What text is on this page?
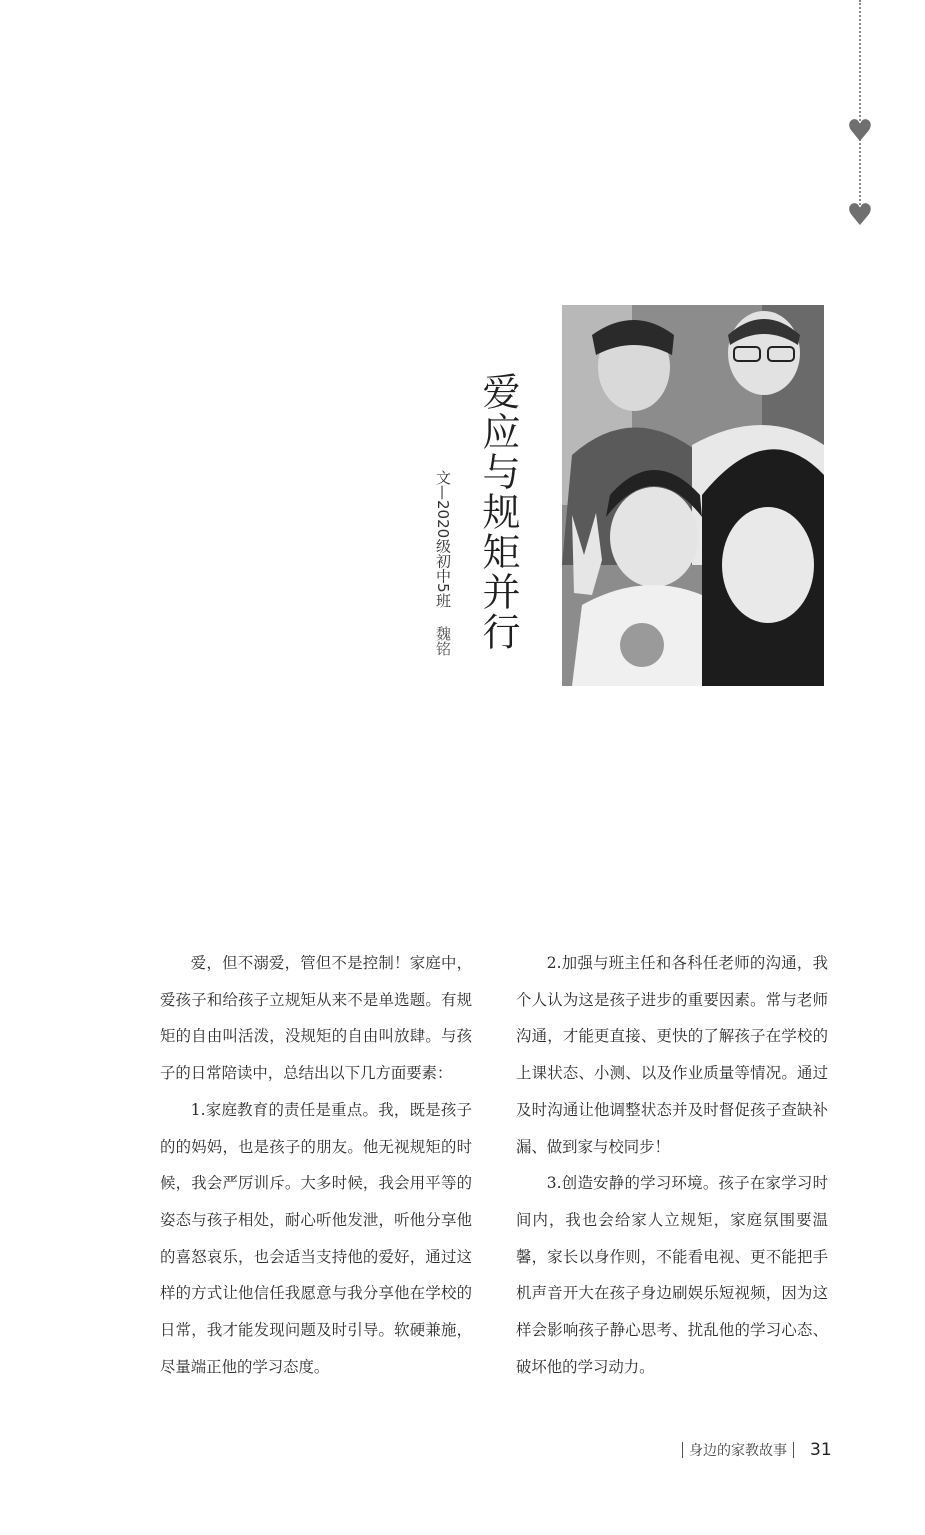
♥
♥
爱应与规矩并行
文—2020级初中5班魏铭

爱，但不溺爱，管但不是控制！家庭中，爱孩子和给孩子立规矩从来不是单选题。有规矩的自由叫活泼，没规矩的自由叫放肆。与孩子的日常陪读中，总结出以下几方面要素：

1.家庭教育的责任是重点。我，既是孩子的的妈妈，也是孩子的朋友。他无视规矩的时候，我会严厉训斥。大多时候，我会用平等的姿态与孩子相处，耐心听他发泄，听他分享他的喜怒哀乐，也会适当支持他的爱好，通过这样的方式让他信任我愿意与我分享他在学校的日常，我才能发现问题及时引导。软硬兼施，尽量端正他的学习态度。

2.加强与班主任和各科任老师的沟通，我个人认为这是孩子进步的重要因素。常与老师沟通，才能更直接、更快的了解孩子在学校的上课状态、小测、以及作业质量等情况。通过及时沟通让他调整状态并及时督促孩子查缺补漏、做到家与校同步！

3.创造安静的学习环境。孩子在家学习时间内，我也会给家人立规矩，家庭氛围要温馨，家长以身作则，不能看电视、更不能把手机声音开大在孩子身边刷娱乐短视频，因为这样会影响孩子静心思考、扰乱他的学习心态、破坏他的学习动力。

身边的家教故事 31
